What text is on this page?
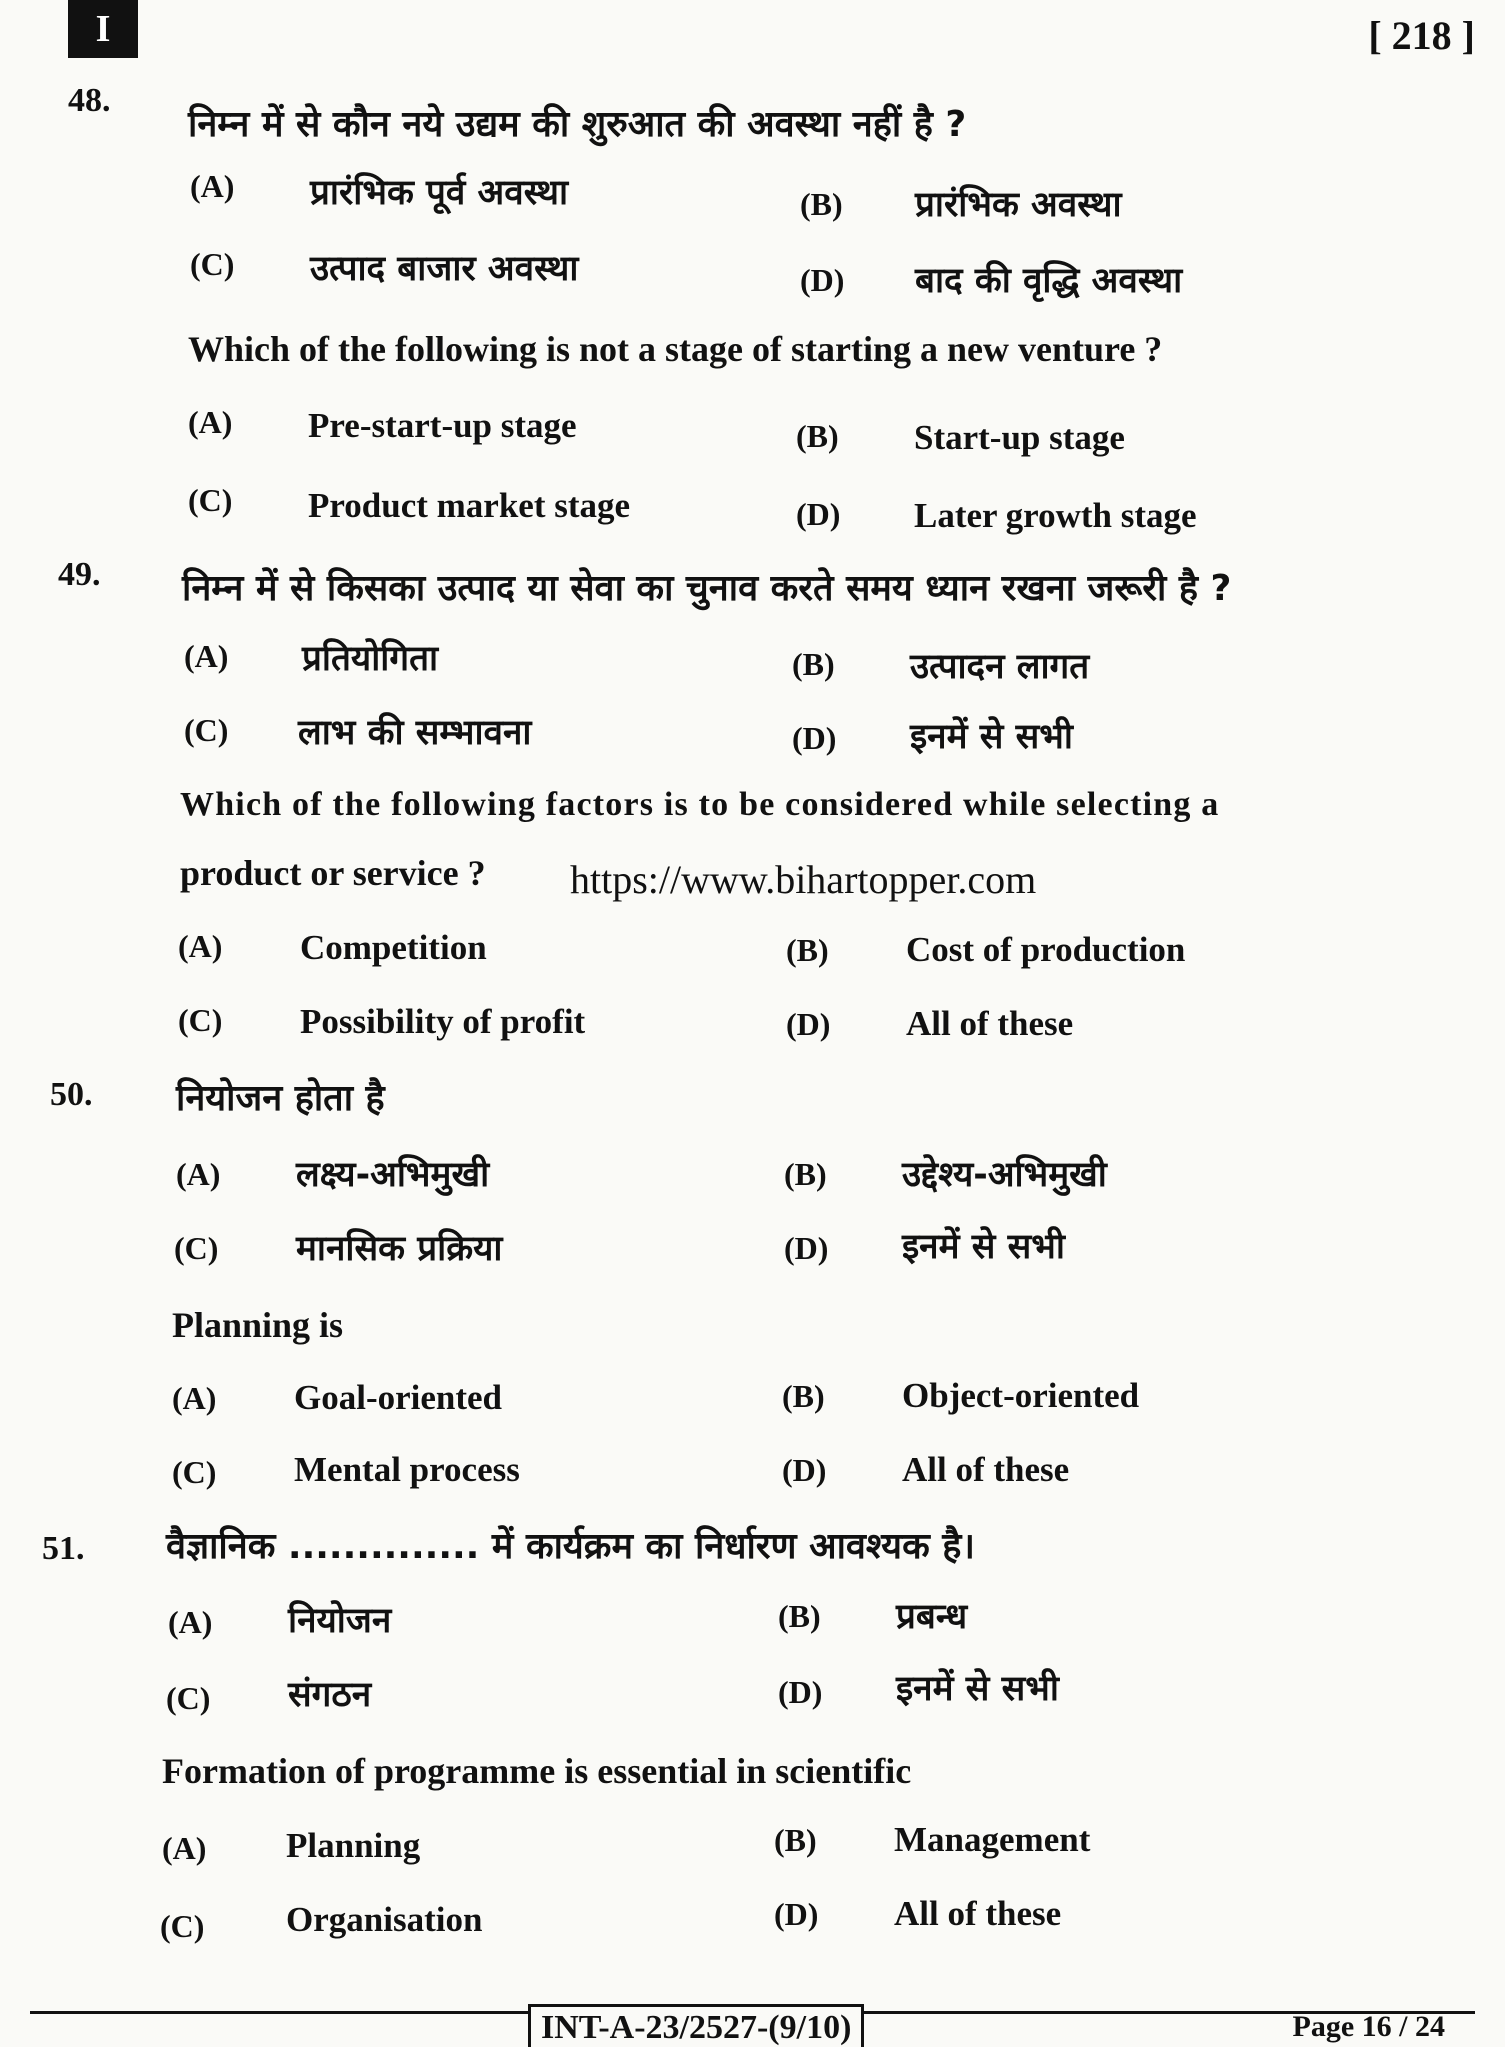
I	[ 218 ]
48.
निम्न में से कौन नये उद्यम की शुरुआत की अवस्था नहीं है ?
(A) प्रारंभिक पूर्व अवस्था	(B) प्रारंभिक अवस्था
(C) उत्पाद बाजार अवस्था	(D) बाद की वृद्धि अवस्था
Which of the following is not a stage of starting a new venture ?
(A) Pre-start-up stage	(B) Start-up stage
(C) Product market stage	(D) Later growth stage
49. निम्न में से किसका उत्पाद या सेवा का चुनाव करते समय ध्यान रखना जरूरी है ?
(A) प्रतियोगिता	(B) उत्पादन लागत
(C) लाभ की सम्भावना	(D) इनमें से सभी
Which of the following factors is to be considered while selecting a
product or service ? https://www.bihartopper.com
(A) Competition	(B) Cost of production
(C) Possibility of profit	(D) All of these
50. नियोजन होता है
(A) लक्ष्य-अभिमुखी	(B) उद्देश्य-अभिमुखी
(C) मानसिक प्रक्रिया	(D) इनमें से सभी
Planning is
(A) Goal-oriented	(B) Object-oriented
(C) Mental process	(D) All of these
51. वैज्ञानिक .............. में कार्यक्रम का निर्धारण आवश्यक है।
(A) नियोजन	(B) प्रबन्ध
(C) संगठन	(D) इनमें से सभी
Formation of programme is essential in scientific
(A) Planning	(B) Management
(C) Organisation	(D) All of these
INT-A-23/2527-(9/10)	Page 16 / 24
